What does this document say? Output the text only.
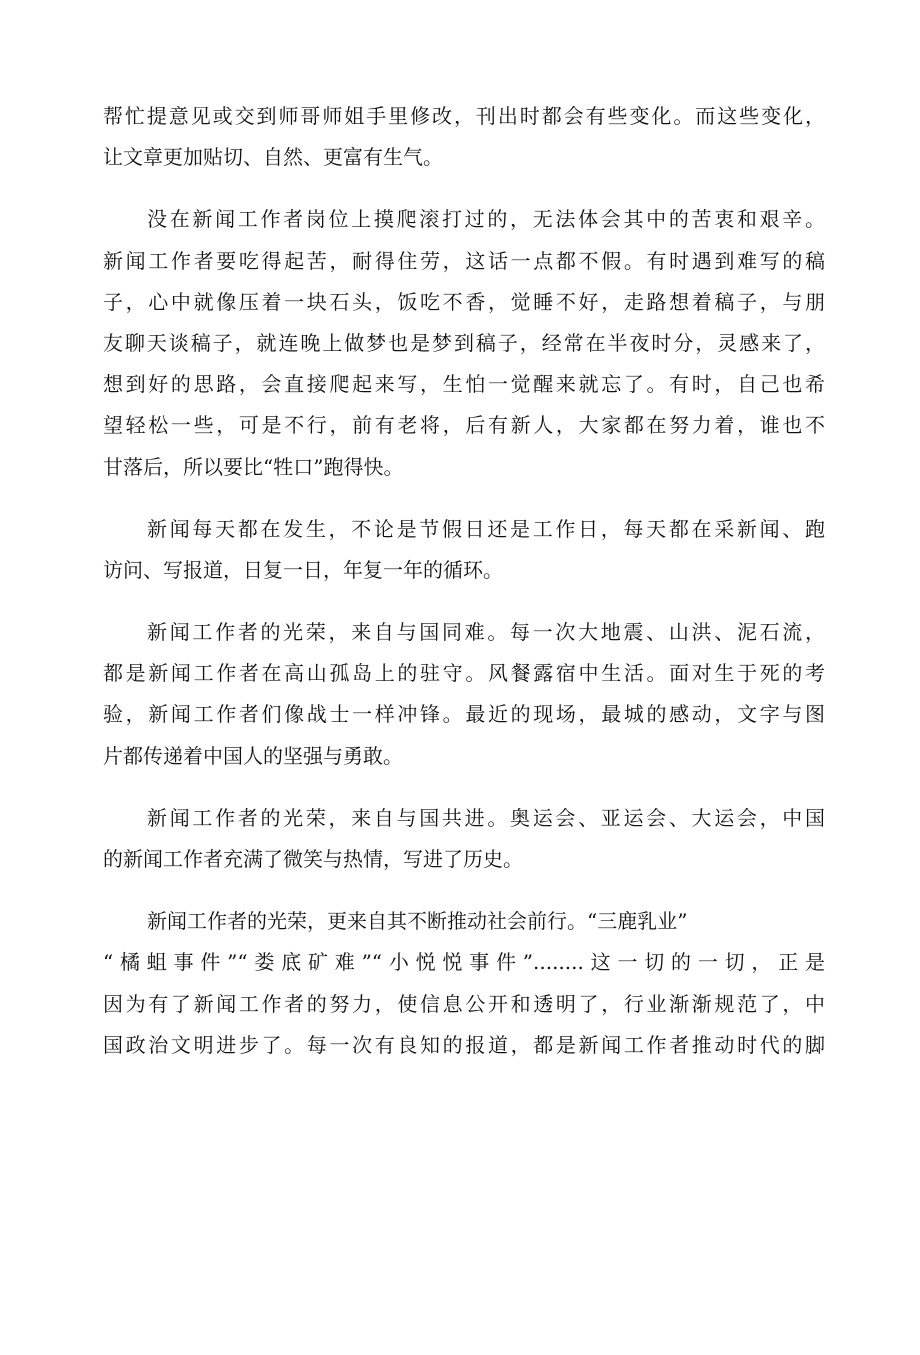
帮忙提意见或交到师哥师姐手里修改，刊出时都会有些变化。而这些变化，
让文章更加贴切、自然、更富有生气。
没在新闻工作者岗位上摸爬滚打过的，无法体会其中的苦衷和艰辛。
新闻工作者要吃得起苦，耐得住劳，这话一点都不假。有时遇到难写的稿
子，心中就像压着一块石头，饭吃不香，觉睡不好，走路想着稿子，与朋
友聊天谈稿子，就连晚上做梦也是梦到稿子，经常在半夜时分，灵感来了，
想到好的思路，会直接爬起来写，生怕一觉醒来就忘了。有时，自己也希
望轻松一些，可是不行，前有老将，后有新人，大家都在努力着，谁也不
甘落后，所以要比“牲口”跑得快。
新闻每天都在发生，不论是节假日还是工作日，每天都在采新闻、跑
访问、写报道，日复一日，年复一年的循环。
新闻工作者的光荣，来自与国同难。每一次大地震、山洪、泥石流，
都是新闻工作者在高山孤岛上的驻守。风餐露宿中生活。面对生于死的考
验，新闻工作者们像战士一样冲锋。最近的现场，最城的感动，文字与图
片都传递着中国人的坚强与勇敢。
新闻工作者的光荣，来自与国共进。奥运会、亚运会、大运会，中国
的新闻工作者充满了微笑与热情，写进了历史。
新闻工作者的光荣，更来自其不断推动社会前行。“三鹿乳业”
“橘蛆事件”“娄底矿难”“小悦悦事件”........这一切的一切，正是
因为有了新闻工作者的努力，使信息公开和透明了，行业渐渐规范了，中
国政治文明进步了。每一次有良知的报道，都是新闻工作者推动时代的脚
